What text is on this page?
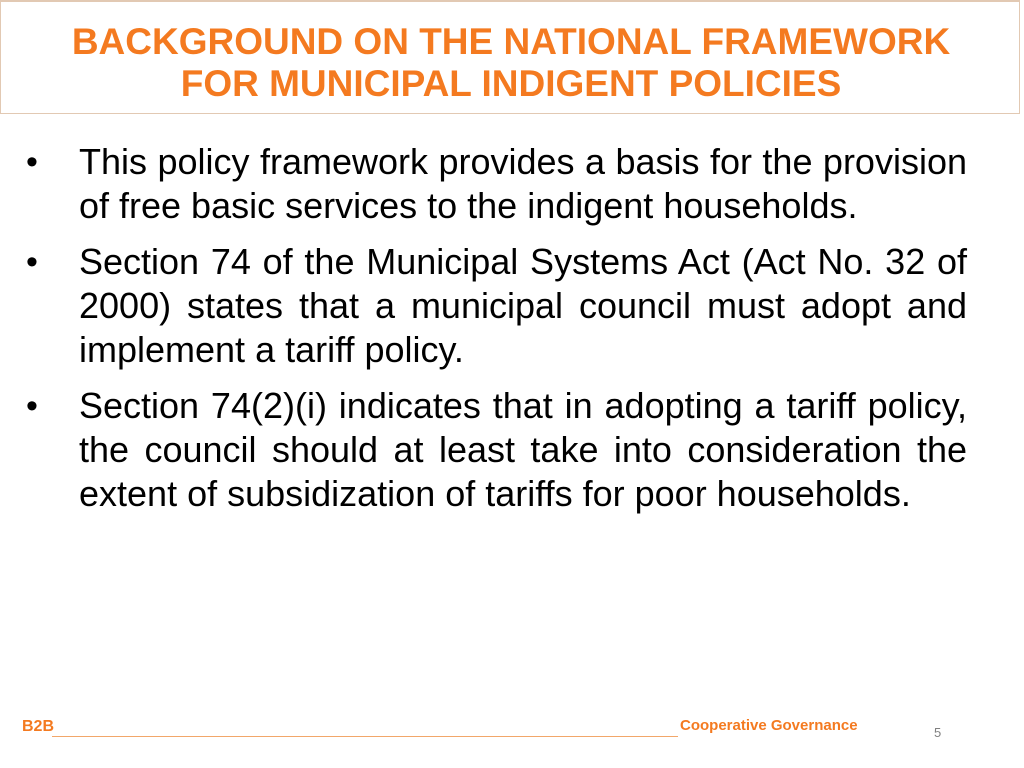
BACKGROUND ON THE NATIONAL FRAMEWORK
FOR MUNICIPAL INDIGENT POLICIES
• This policy framework provides a basis for the provision of free basic services to the indigent households.
• Section 74 of the Municipal Systems Act (Act No. 32 of 2000) states that a municipal council must adopt and implement a tariff policy.
• Section 74(2)(i) indicates that in adopting a tariff policy, the council should at least take into consideration the extent of subsidization of tariffs for poor households.
B2B	Cooperative Governance	5
